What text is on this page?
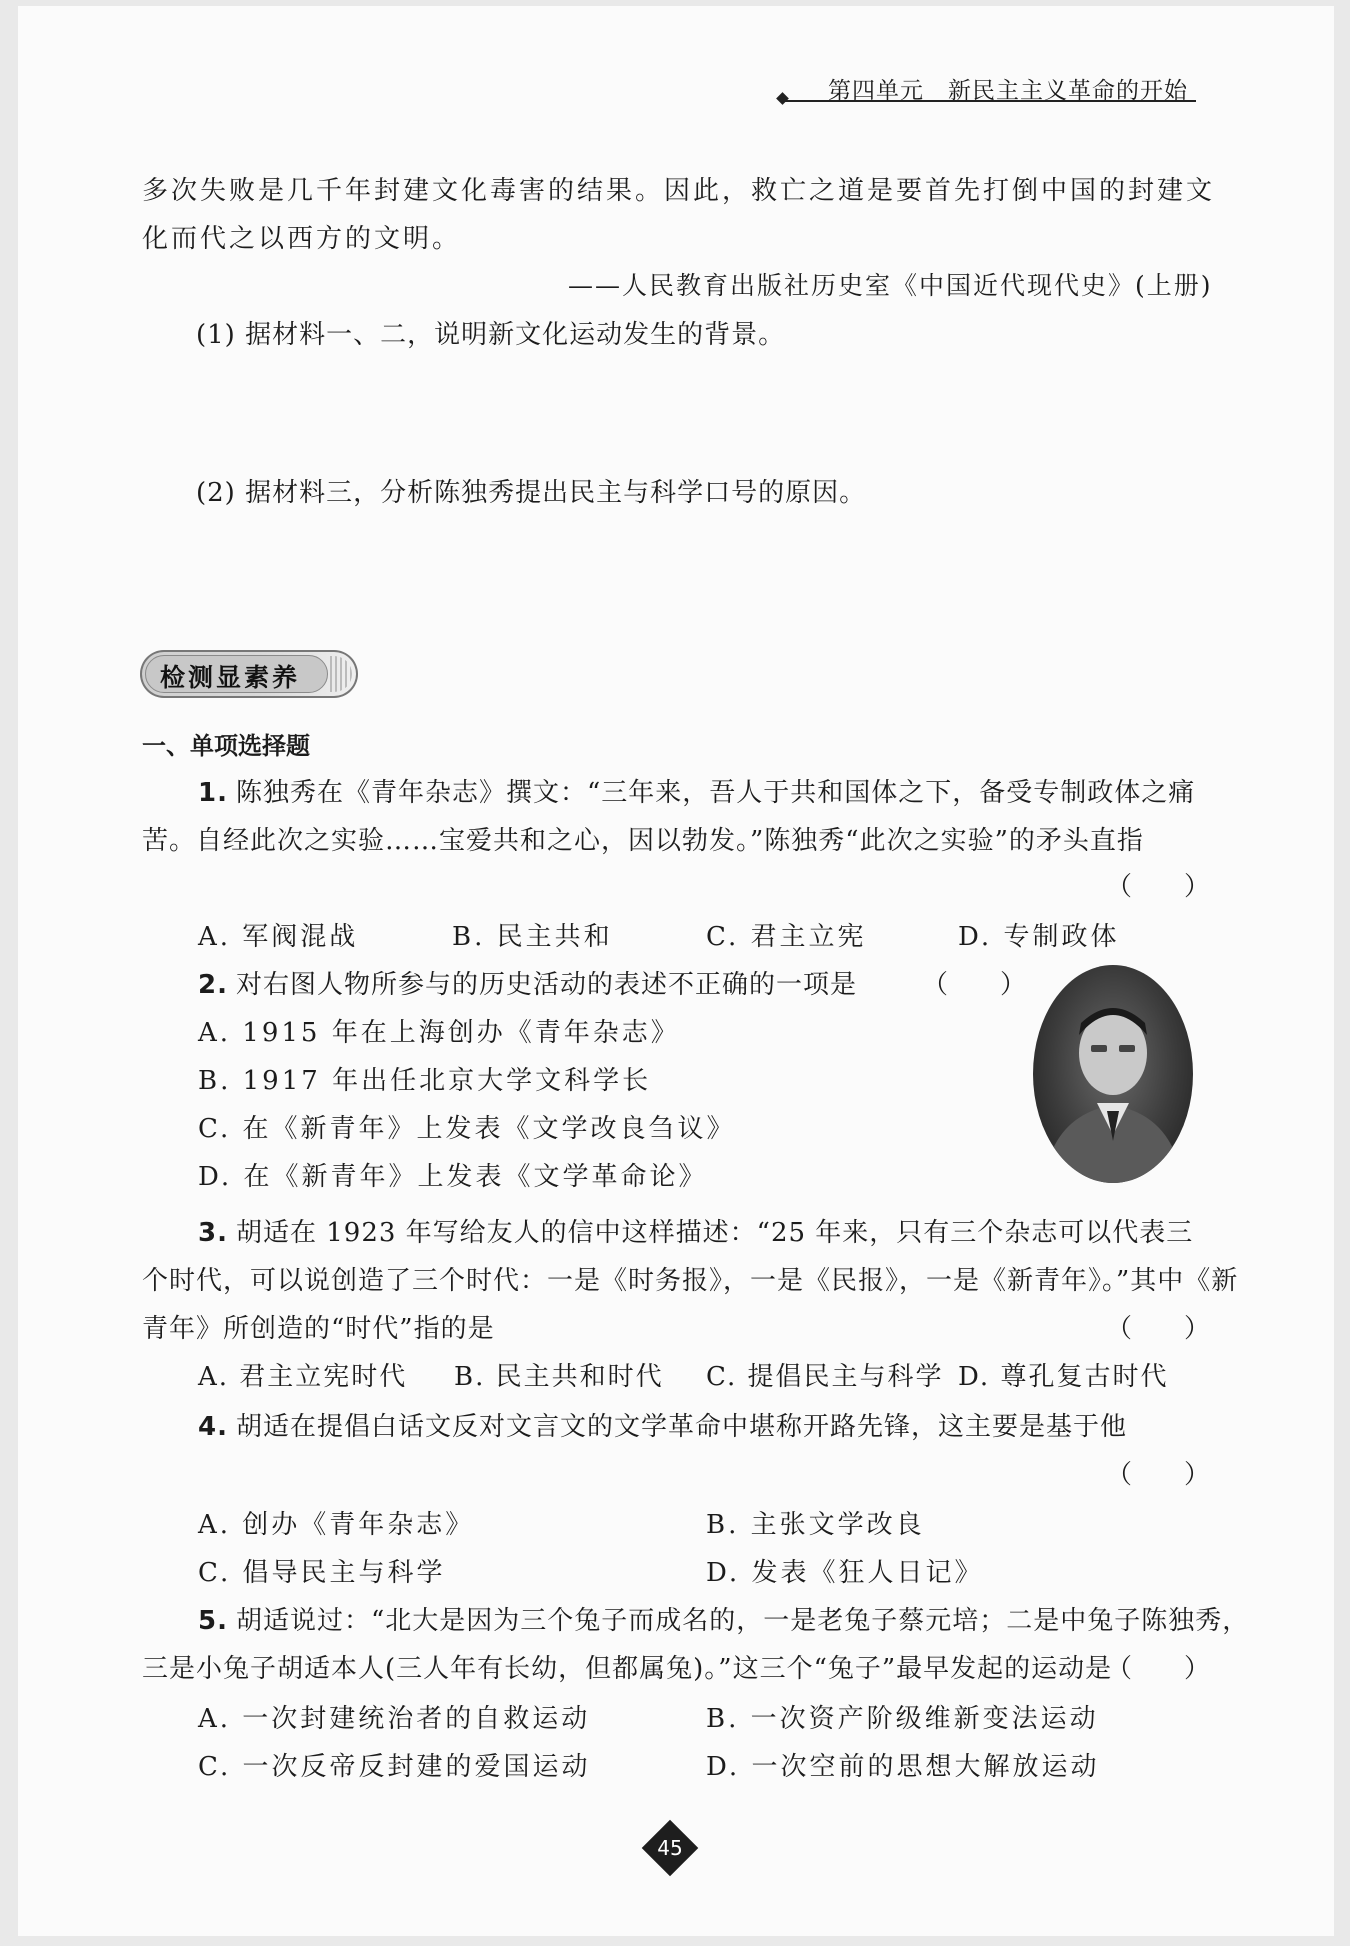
第四单元　新民主主义革命的开始
多次失败是几千年封建文化毒害的结果。因此，救亡之道是要首先打倒中国的封建文
化而代之以西方的文明。
——人民教育出版社历史室《中国近代现代史》(上册)
(1) 据材料一、二，说明新文化运动发生的背景。
(2) 据材料三，分析陈独秀提出民主与科学口号的原因。
检测显素养
一、单项选择题
1. 陈独秀在《青年杂志》撰文：“三年来，吾人于共和国体之下，备受专制政体之痛
苦。自经此次之实验……宝爱共和之心，因以勃发。”陈独秀“此次之实验”的矛头直指
（　　）
A. 军阀混战	B. 民主共和	C. 君主立宪	D. 专制政体
2. 对右图人物所参与的历史活动的表述不正确的一项是	（　　）
A. 1915 年在上海创办《青年杂志》
B. 1917 年出任北京大学文科学长
C. 在《新青年》上发表《文学改良刍议》
D. 在《新青年》上发表《文学革命论》
3. 胡适在 1923 年写给友人的信中这样描述：“25 年来，只有三个杂志可以代表三
个时代，可以说创造了三个时代：一是《时务报》，一是《民报》，一是《新青年》。”其中《新
青年》所创造的“时代”指的是	（　　）
A. 君主立宪时代 B. 民主共和时代 C. 提倡民主与科学 D. 尊孔复古时代
4. 胡适在提倡白话文反对文言文的文学革命中堪称开路先锋，这主要是基于他
（　　）
A. 创办《青年杂志》	B. 主张文学改良
C. 倡导民主与科学	D. 发表《狂人日记》
5. 胡适说过：“北大是因为三个兔子而成名的，一是老兔子蔡元培；二是中兔子陈独秀，
三是小兔子胡适本人(三人年有长幼，但都属兔)。”这三个“兔子”最早发起的运动是
（　　）
A. 一次封建统治者的自救运动	B. 一次资产阶级维新变法运动
C. 一次反帝反封建的爱国运动	D. 一次空前的思想大解放运动
45
